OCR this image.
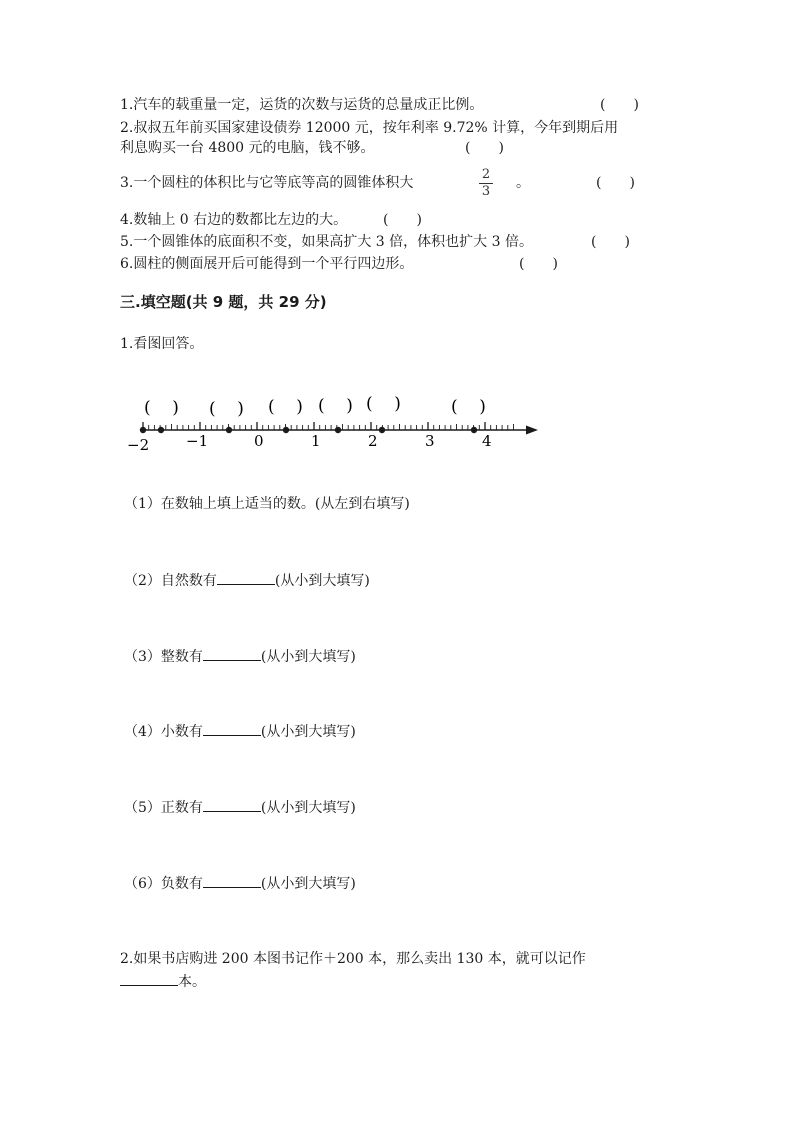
1.汽车的载重量一定，运货的次数与运货的总量成正比例。	(　　)
2.叔叔五年前买国家建设债券 12000 元，按年利率 9.72% 计算，今年到期后用
利息购买一台 4800 元的电脑，钱不够。	(　　)
3.一个圆柱的体积比与它等底等高的圆锥体积大
2
3
。	(　　)
4.数轴上 0 右边的数都比左边的大。	(　　)
5.一个圆锥体的底面积不变，如果高扩大 3 倍，体积也扩大 3 倍。	(　　)
6.圆柱的侧面展开后可能得到一个平行四边形。	(　　)
三.填空题(共 9 题，共 29 分)
1.看图回答。
(    ) (    ) (    ) (    ) (    )	(    )
−2 −1	0	1	2	3	4
（1）在数轴上填上适当的数。(从左到右填写)
（2）自然数有	(从小到大填写)
（3）整数有	(从小到大填写)
（4）小数有	(从小到大填写)
（5）正数有	(从小到大填写)
（6）负数有	(从小到大填写)
2.如果书店购进 200 本图书记作＋200 本，那么卖出 130 本，就可以记作
本。
